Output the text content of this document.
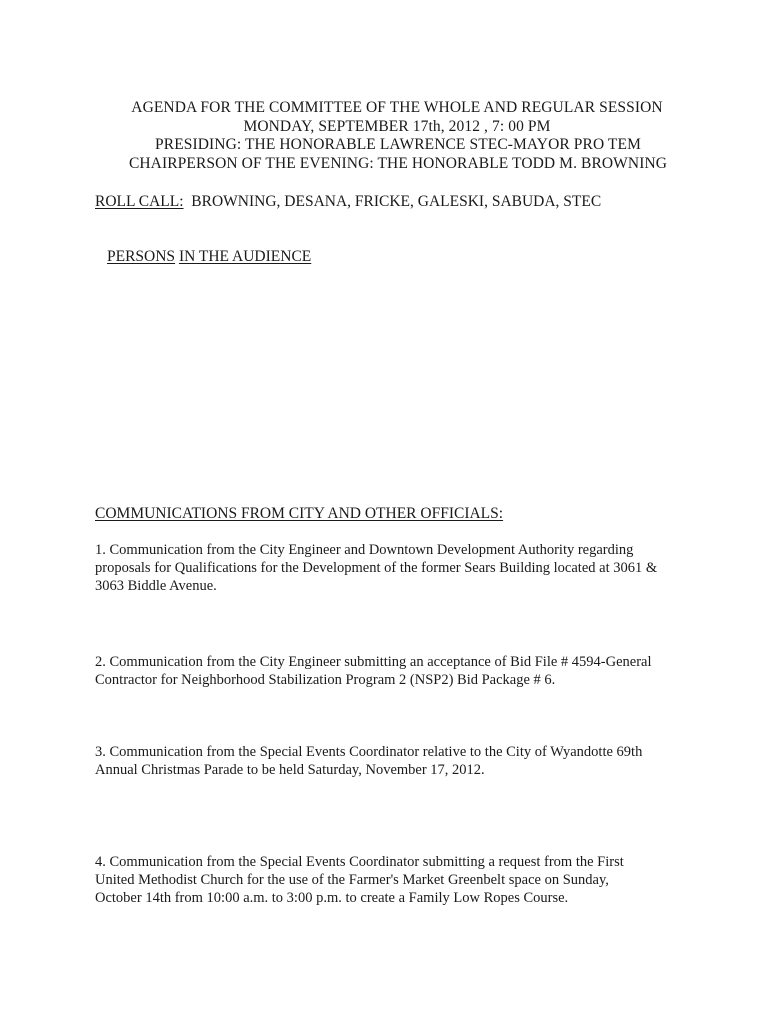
AGENDA FOR THE COMMITTEE OF THE WHOLE AND REGULAR SESSION
MONDAY, SEPTEMBER 17th, 2012 , 7: 00 PM
PRESIDING: THE HONORABLE LAWRENCE STEC-MAYOR PRO TEM
CHAIRPERSON OF THE EVENING: THE HONORABLE TODD M. BROWNING
ROLL CALL:  BROWNING, DESANA, FRICKE, GALESKI, SABUDA, STEC
PERSONS IN THE AUDIENCE
COMMUNICATIONS FROM CITY AND OTHER OFFICIALS:
1. Communication from the City Engineer and Downtown Development Authority regarding
proposals for Qualifications for the Development of the former Sears Building located at 3061 &
3063 Biddle Avenue.
2. Communication from the City Engineer submitting an acceptance of Bid File # 4594-General
Contractor for Neighborhood Stabilization Program 2 (NSP2) Bid Package # 6.
3. Communication from the Special Events Coordinator relative to the City of Wyandotte 69th
Annual Christmas Parade to be held Saturday, November 17, 2012.
4. Communication from the Special Events Coordinator submitting a request from the First
United Methodist Church for the use of the Farmer's Market Greenbelt space on Sunday,
October 14th from 10:00 a.m. to 3:00 p.m. to create a Family Low Ropes Course.
